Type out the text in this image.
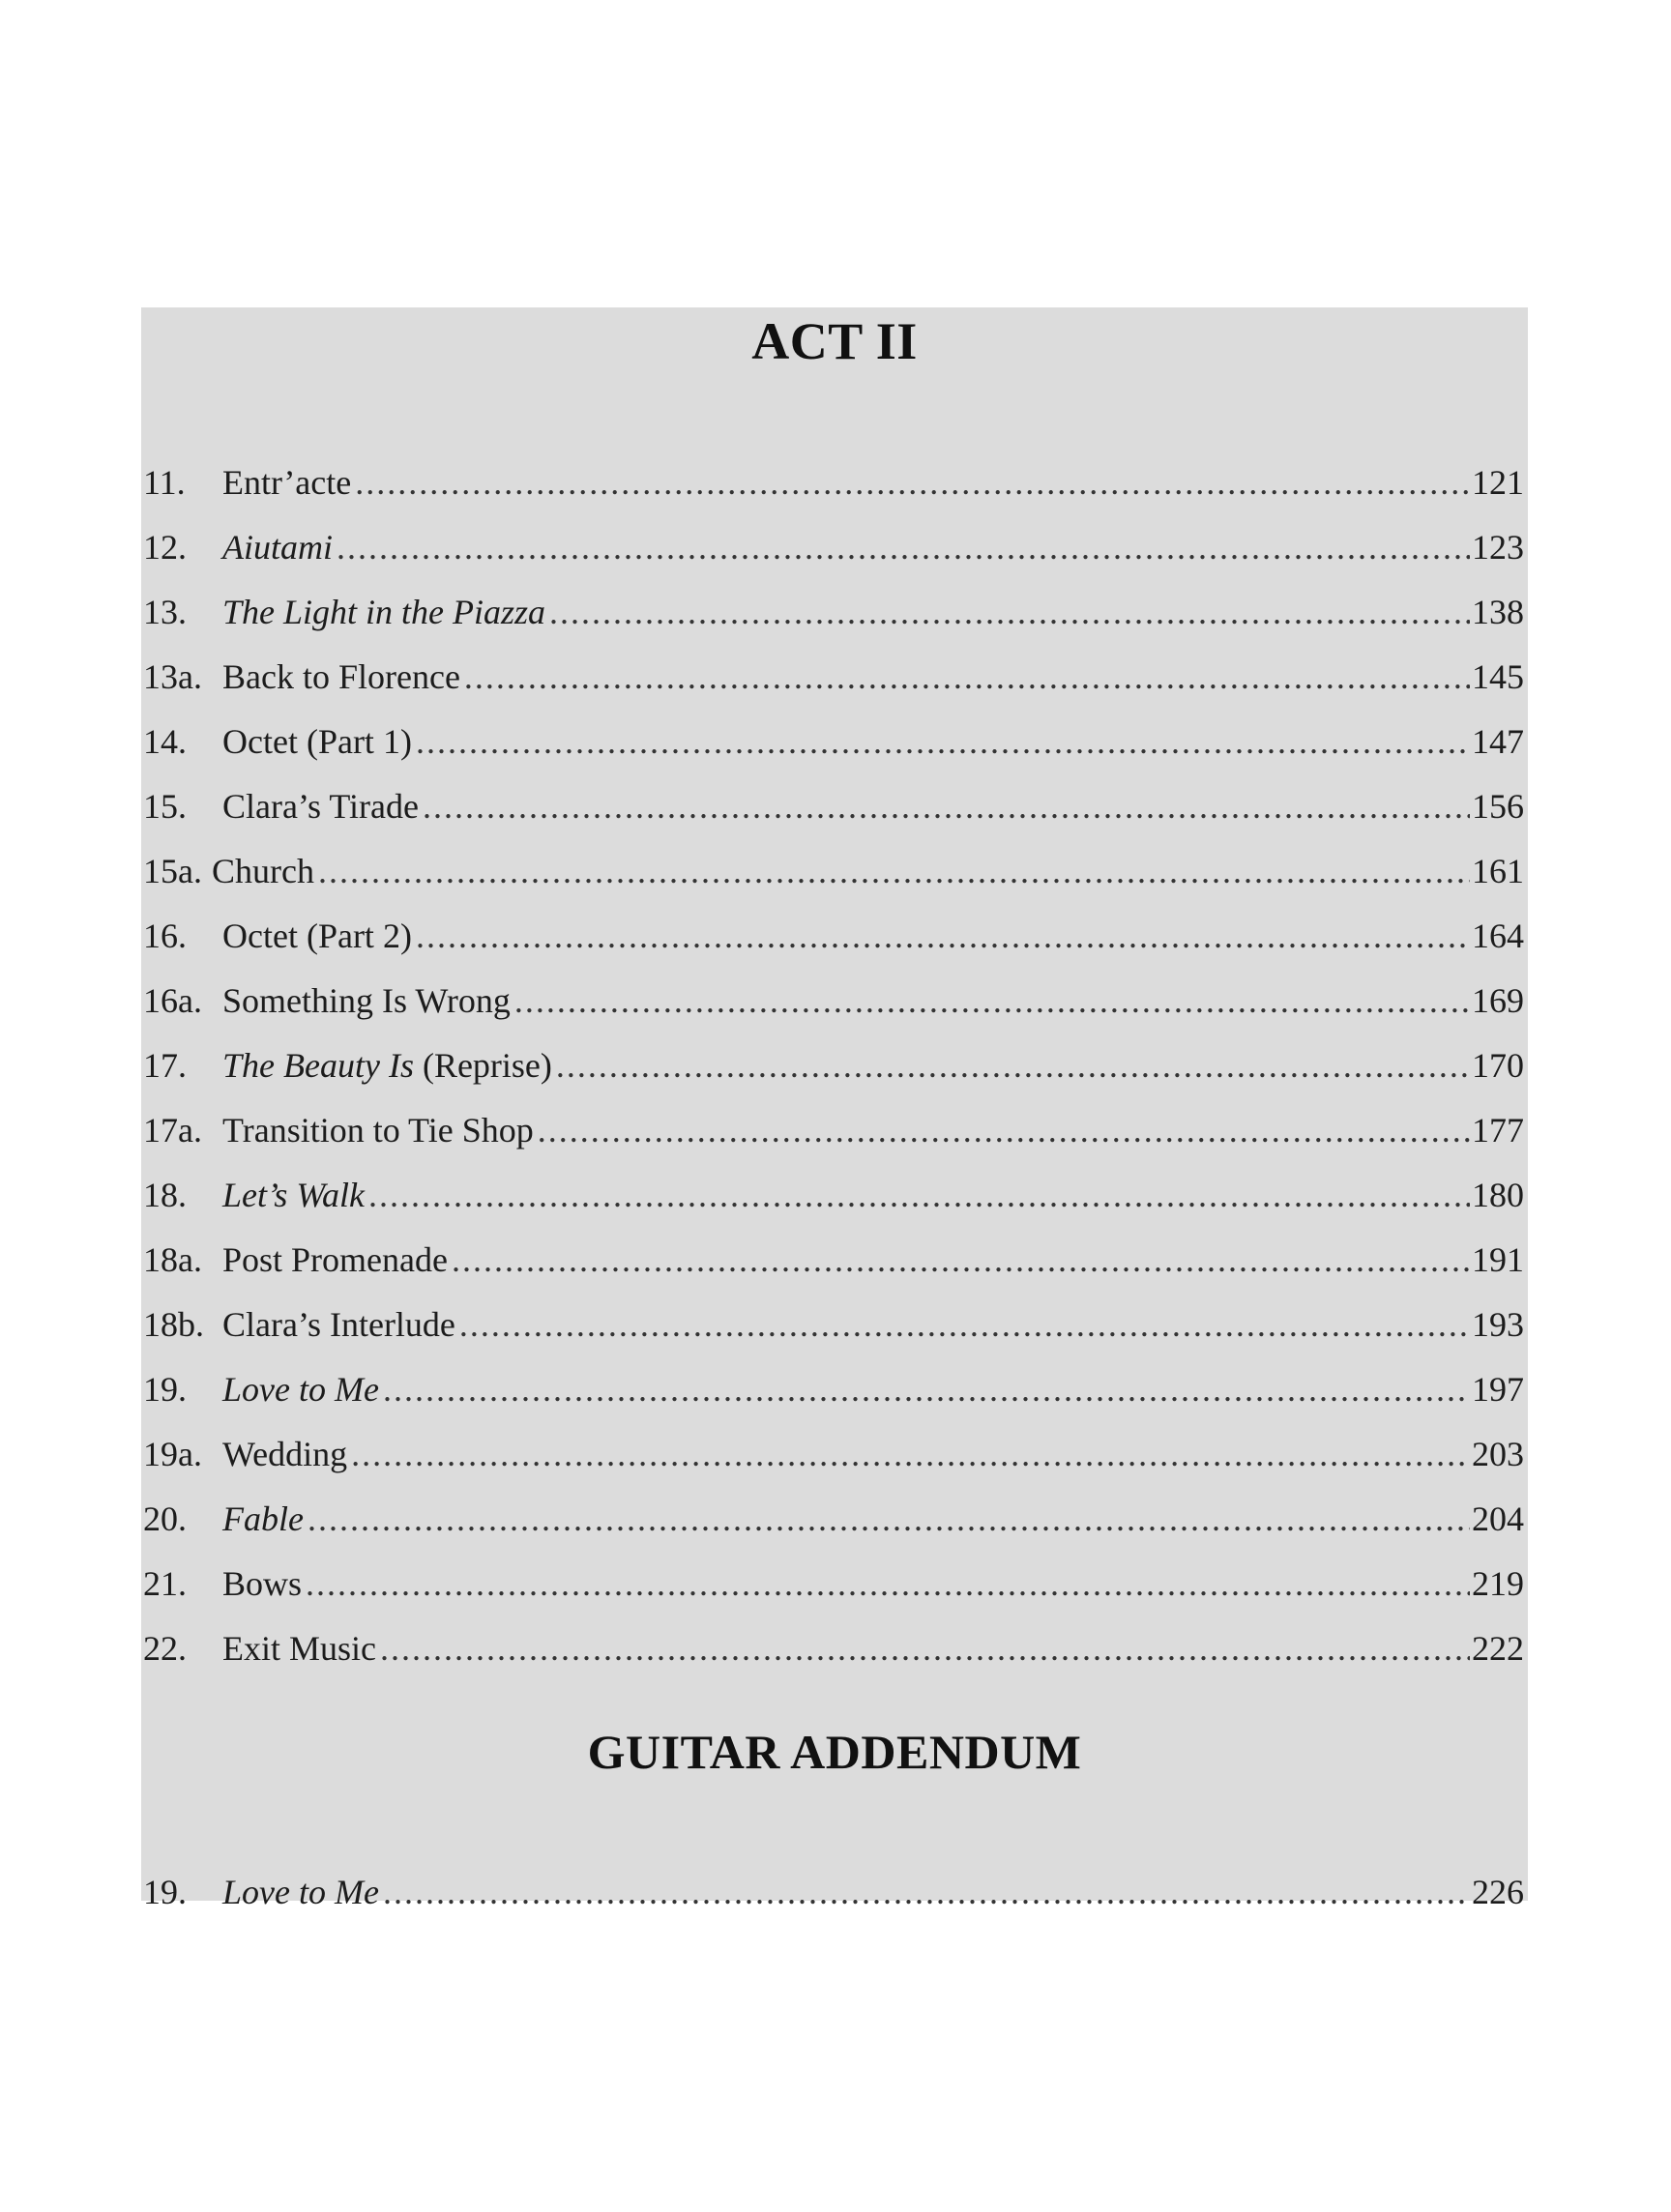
ACT II
11.	Entr’acte .....	121
12.	Aiutami .....	123
13.	The Light in the Piazza .....	138
13a. Back to Florence .....	145
14.	Octet (Part 1) .....	147
15.	Clara’s Tirade .....	156
15a. Church .....	161
16.	Octet (Part 2) .....	164
16a. Something Is Wrong .....	169
17.	The Beauty Is (Reprise) .....	170
17a. Transition to Tie Shop .....	177
18.	Let’s Walk .....	180
18a. Post Promenade .....	191
18b. Clara’s Interlude .....	193
19.	Love to Me .....	197
19a. Wedding .....	203
20.	Fable .....	204
21.	Bows .....	219
22.	Exit Music .....	222
GUITAR ADDENDUM
19.	Love to Me .....	226
